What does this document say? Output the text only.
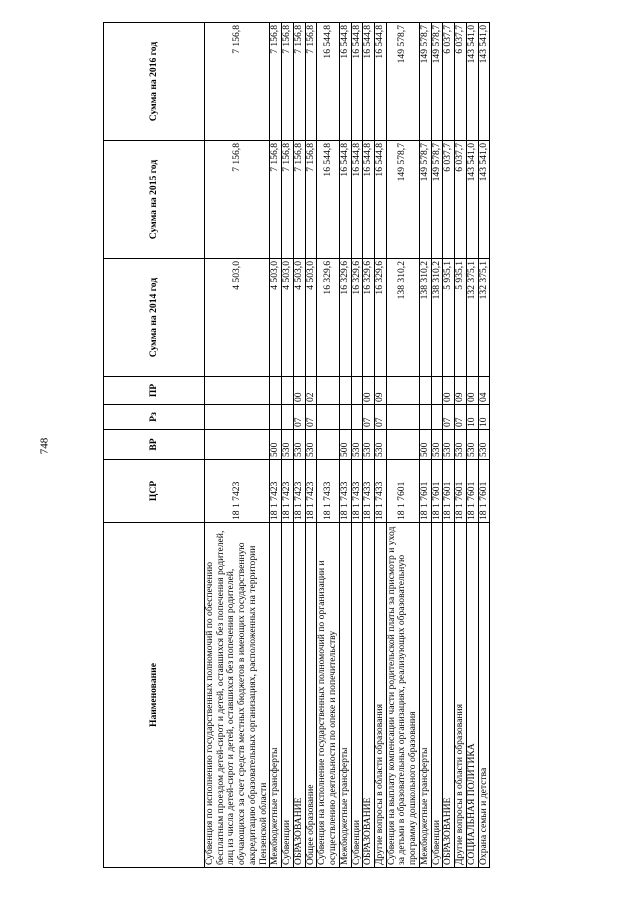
748
Наименование	ЦСР	ВР	Рз	ПР	Сумма на 2014 год	Сумма на 2015 год	Сумма на 2016 год
Субвенция по исполнению государственных полномочий по обеспечению бесплатным проездом детей-сирот и детей, оставшихся без попечения родителей, лиц из числа детей-сирот и детей, оставшихся без попечения родителей, обучающихся за счет средств местных бюджетов в имеющих государственную аккредитацию образовательных организациях, расположенных на территории Пензенской области	18 1 7423				4 503,0	7 156,8	7 156,8
Межбюджетные трансферты	18 1 7423	500			4 503,0	7 156,8	7 156,8
Субвенции	18 1 7423	530			4 503,0	7 156,8	7 156,8
ОБРАЗОВАНИЕ	18 1 7423	530	07	00	4 503,0	7 156,8	7 156,8
Общее образование	18 1 7423	530	07	02	4 503,0	7 156,8	7 156,8
Субвенция на исполнение государственных полномочий по организации и осуществлению деятельности по опеке и попечительству	18 1 7433				16 329,6	16 544,8	16 544,8
Межбюджетные трансферты	18 1 7433	500			16 329,6	16 544,8	16 544,8
Субвенции	18 1 7433	530			16 329,6	16 544,8	16 544,8
ОБРАЗОВАНИЕ	18 1 7433	530	07	00	16 329,6	16 544,8	16 544,8
Другие вопросы в области образования	18 1 7433	530	07	09	16 329,6	16 544,8	16 544,8
Субвенция на выплату компенсации части родительской платы за присмотр и уход за детьми в образовательных организациях, реализующих образовательную программу дошкольного образования	18 1 7601				138 310,2	149 578,7	149 578,7
Межбюджетные трансферты	18 1 7601	500			138 310,2	149 578,7	149 578,7
Субвенции	18 1 7601	530			138 310,2	149 578,7	149 578,7
ОБРАЗОВАНИЕ	18 1 7601	530	07	00	5 935,1	6 037,7	6 037,7
Другие вопросы в области образования	18 1 7601	530	07	09	5 935,1	6 037,7	6 037,7
СОЦИАЛЬНАЯ ПОЛИТИКА	18 1 7601	530	10	00	132 375,1	143 541,0	143 541,0
Охрана семьи и детства	18 1 7601	530	10	04	132 375,1	143 541,0	143 541,0
